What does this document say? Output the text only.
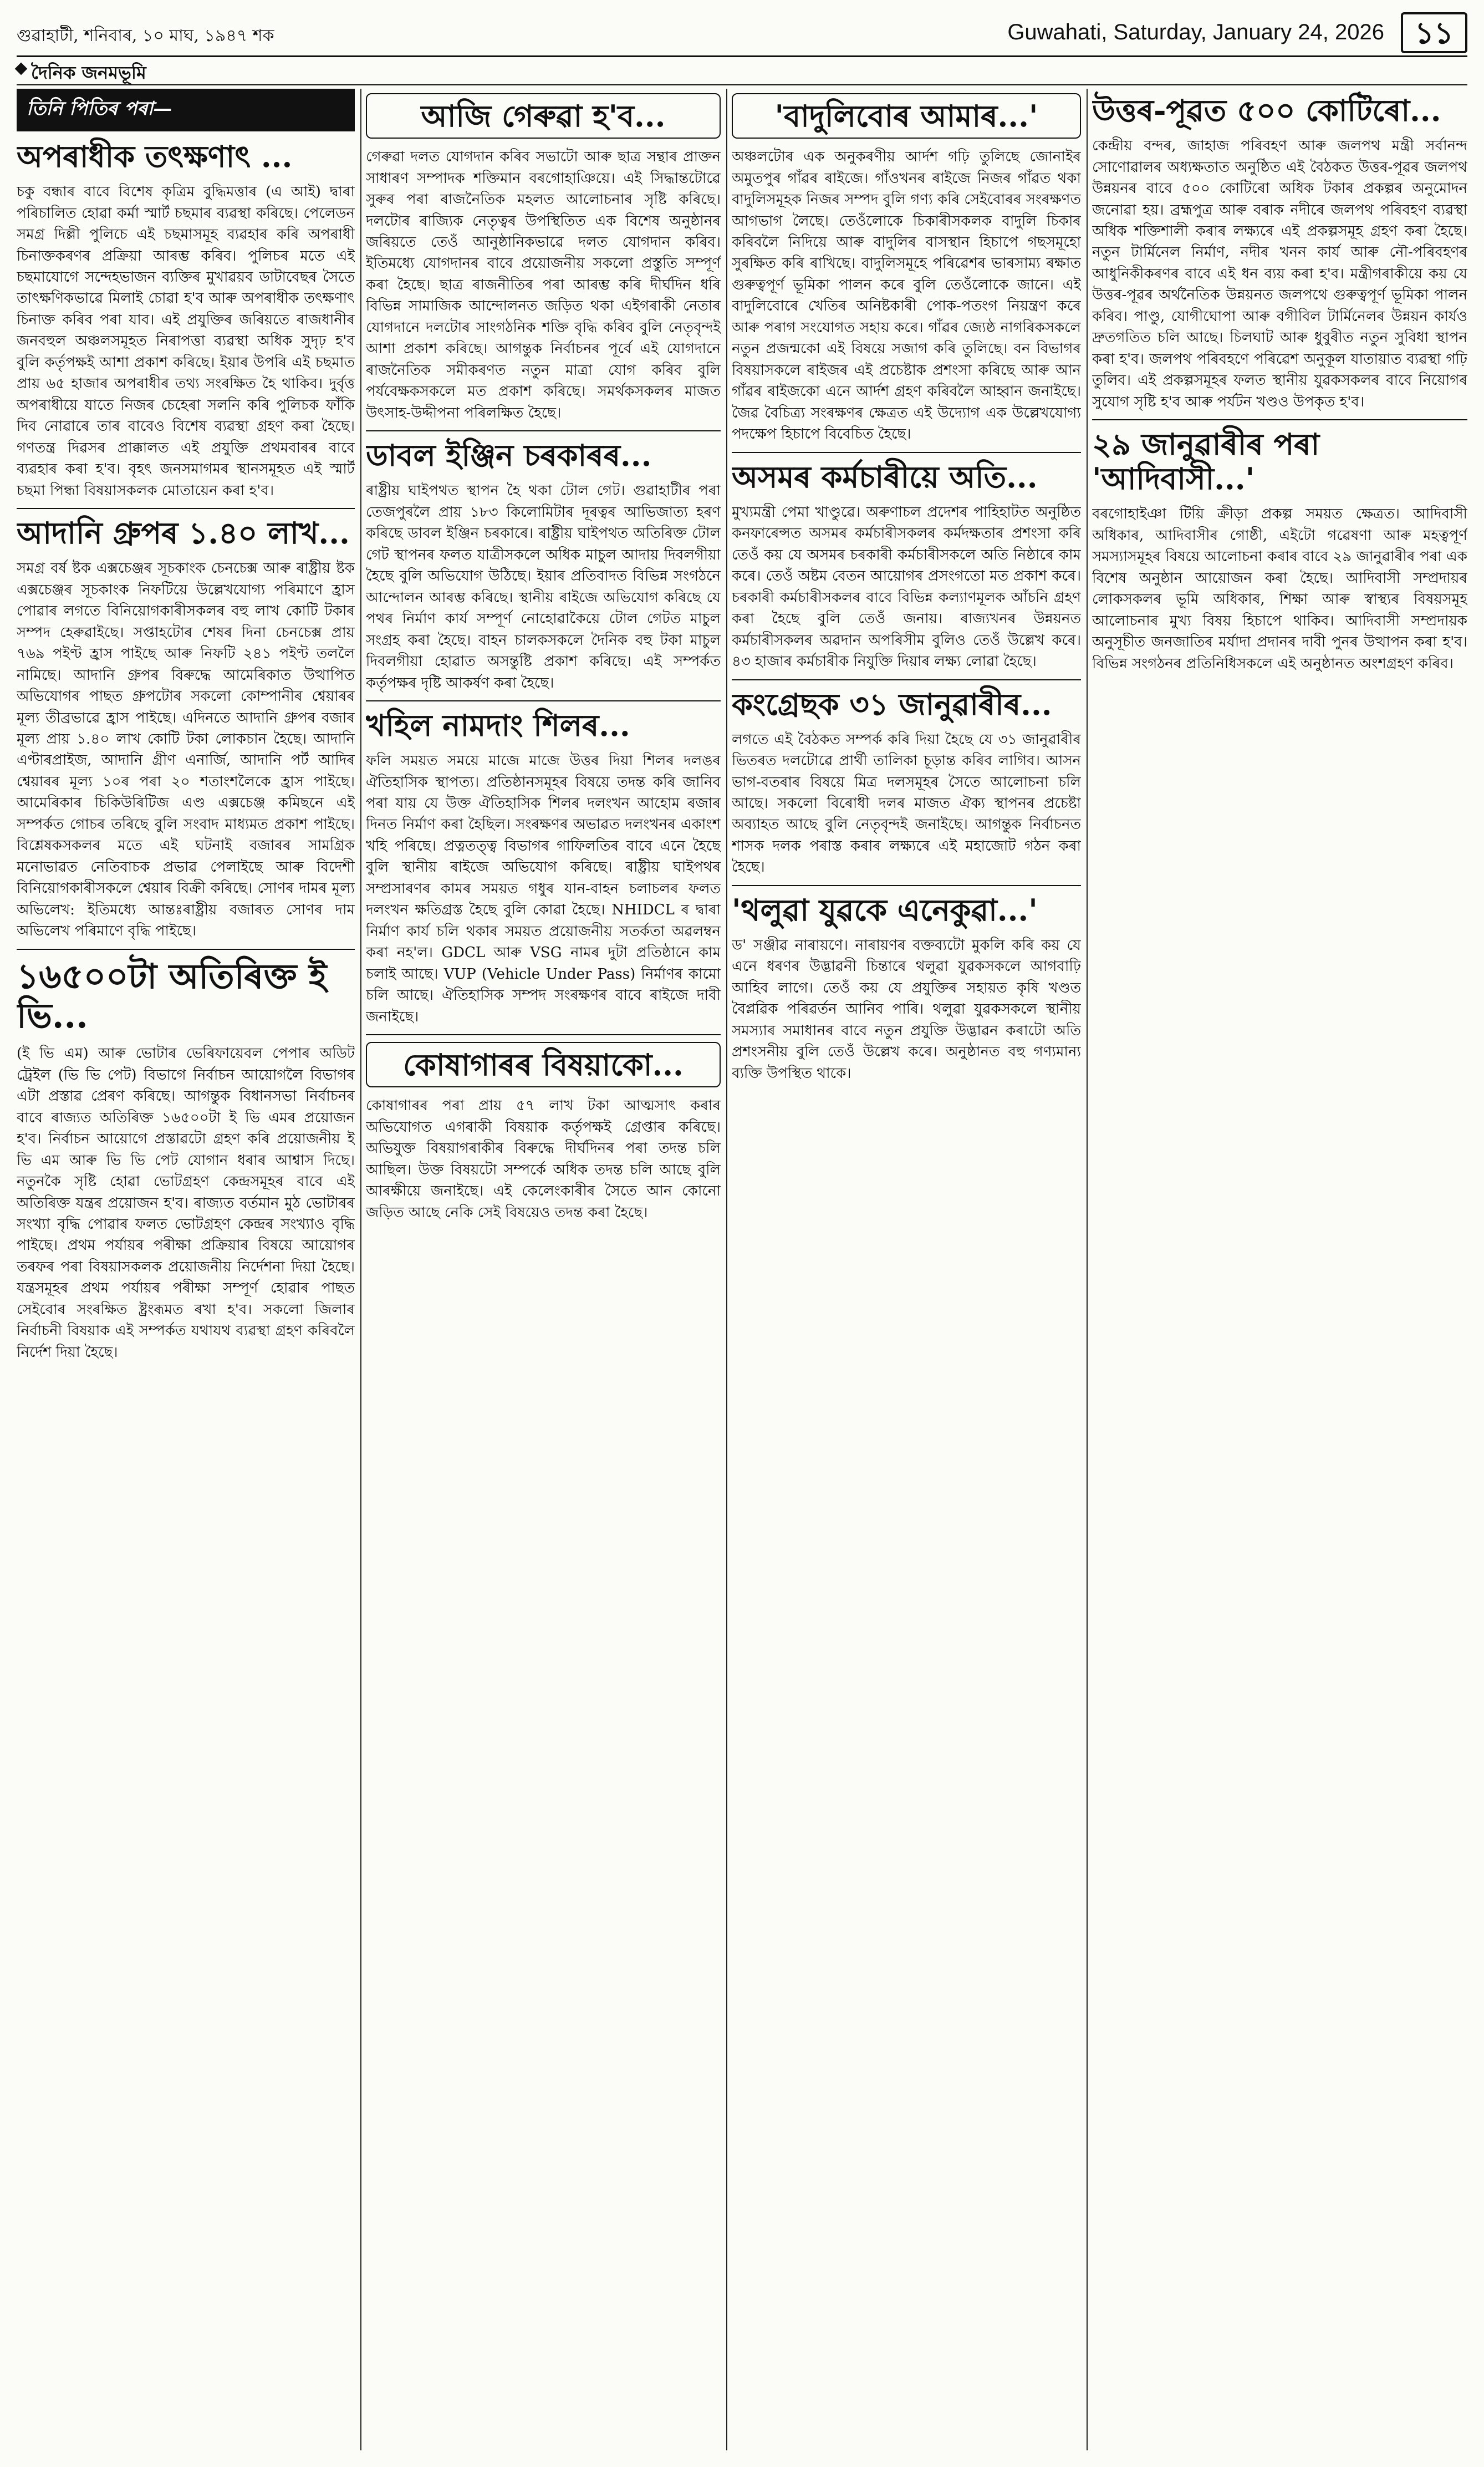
গুৱাহাটী, শনিবাৰ, ১০ মাঘ, ১৯৪৭ শক	Guwahati, Saturday, January 24, 2026	১১
দৈনিক জনমভূমি
তিনি পিতিৰ পৰা—
অপৰাধীক তৎক্ষণাৎ ...
চকু বন্ধাৰ বাবে বিশেষ কৃত্ৰিম বুদ্ধিমত্তাৰ (এ আই) দ্বাৰা পৰিচালিত হোৱা কৰ্মা স্মাৰ্ট চছমাৰ ব্যৱস্থা কৰিছে। পেলেডন সমগ্ৰ দিল্লী পুলিচে এই চছমাসমূহ ব্যৱহাৰ কৰি অপৰাধী চিনাক্তকৰণৰ প্ৰক্ৰিয়া আৰম্ভ কৰিব। পুলিচৰ মতে এই চছমাযোগে সন্দেহভাজন ব্যক্তিৰ মুখাৱয়ব ডাটাবেছৰ সৈতে তাৎক্ষণিকভাৱে মিলাই চোৱা হ'ব আৰু অপৰাধীক তৎক্ষণাৎ চিনাক্ত কৰিব পৰা যাব। এই প্ৰযুক্তিৰ জৰিয়তে ৰাজধানীৰ জনবহুল অঞ্চলসমূহত নিৰাপত্তা ব্যৱস্থা অধিক সুদৃঢ় হ'ব বুলি কৰ্তৃপক্ষই আশা প্ৰকাশ কৰিছে। ইয়াৰ উপৰি এই চছমাত প্ৰায় ৬৫ হাজাৰ অপৰাধীৰ তথ্য সংৰক্ষিত হৈ থাকিব। দুৰ্বৃত্ত অপৰাধীয়ে যাতে নিজৰ চেহেৰা সলনি কৰি পুলিচক ফাঁকি দিব নোৱাৰে তাৰ বাবেও বিশেষ ব্যৱস্থা গ্ৰহণ কৰা হৈছে। গণতন্ত্ৰ দিৱসৰ প্ৰাক্কালত এই প্ৰযুক্তি প্ৰথমবাৰৰ বাবে ব্যৱহাৰ কৰা হ'ব। বৃহৎ জনসমাগমৰ স্থানসমূহত এই স্মাৰ্ট চছমা পিন্ধা বিষয়াসকলক মোতায়েন কৰা হ'ব।
আদানি গ্ৰুপৰ ১.৪০ লাখ...
সমগ্ৰ বৰ্ষ ষ্টক এক্সচেঞ্জৰ সূচকাংক চেনচেক্স আৰু ৰাষ্ট্ৰীয় ষ্টক এক্সচেঞ্জৰ সূচকাংক নিফটিয়ে উল্লেখযোগ্য পৰিমাণে হ্ৰাস পোৱাৰ লগতে বিনিয়োগকাৰীসকলৰ বহু লাখ কোটি টকাৰ সম্পদ হেৰুৱাইছে। সপ্তাহটোৰ শেষৰ দিনা চেনচেক্স প্ৰায় ৭৬৯ পইণ্ট হ্ৰাস পাইছে আৰু নিফটি ২৪১ পইণ্ট তললৈ নামিছে। আদানি গ্ৰুপৰ বিৰুদ্ধে আমেৰিকাত উত্থাপিত অভিযোগৰ পাছত গ্ৰুপটোৰ সকলো কোম্পানীৰ শ্বেয়াৰৰ মূল্য তীব্ৰভাৱে হ্ৰাস পাইছে। এদিনতে আদানি গ্ৰুপৰ বজাৰ মূল্য প্ৰায় ১.৪০ লাখ কোটি টকা লোকচান হৈছে। আদানি এণ্টাৰপ্ৰাইজ, আদানি গ্ৰীণ এনাৰ্জি, আদানি পৰ্ট আদিৰ শ্বেয়াৰৰ মূল্য ১০ৰ পৰা ২০ শতাংশলৈকে হ্ৰাস পাইছে। আমেৰিকাৰ চিকিউৰিটিজ এণ্ড এক্সচেঞ্জ কমিছনে এই সম্পৰ্কত গোচৰ তৰিছে বুলি সংবাদ মাধ্যমত প্ৰকাশ পাইছে। বিশ্লেষকসকলৰ মতে এই ঘটনাই বজাৰৰ সামগ্ৰিক মনোভাৱত নেতিবাচক প্ৰভাৱ পেলাইছে আৰু বিদেশী বিনিয়োগকাৰীসকলে শ্বেয়াৰ বিক্ৰী কৰিছে। সোণৰ দামৰ মূল্য অভিলেখ: ইতিমধ্যে আন্তঃৰাষ্ট্ৰীয় বজাৰত সোণৰ দাম অভিলেখ পৰিমাণে বৃদ্ধি পাইছে।
১৬৫০০টা অতিৰিক্ত ই ভি...
(ই ভি এম) আৰু ভোটাৰ ভেৰিফায়েবল পেপাৰ অডিট ট্ৰেইল (ভি ভি পেট) বিভাগে নিৰ্বাচন আয়োগলৈ বিভাগৰ এটা প্ৰস্তাৱ প্ৰেৰণ কৰিছে। আগন্তুক বিধানসভা নিৰ্বাচনৰ বাবে ৰাজ্যত অতিৰিক্ত ১৬৫০০টা ই ভি এমৰ প্ৰয়োজন হ'ব। নিৰ্বাচন আয়োগে প্ৰস্তাৱটো গ্ৰহণ কৰি প্ৰয়োজনীয় ই ভি এম আৰু ভি ভি পেট যোগান ধৰাৰ আশ্বাস দিছে। নতুনকৈ সৃষ্টি হোৱা ভোটগ্ৰহণ কেন্দ্ৰসমূহৰ বাবে এই অতিৰিক্ত যন্ত্ৰৰ প্ৰয়োজন হ'ব। ৰাজ্যত বৰ্তমান মুঠ ভোটাৰৰ সংখ্যা বৃদ্ধি পোৱাৰ ফলত ভোটগ্ৰহণ কেন্দ্ৰৰ সংখ্যাও বৃদ্ধি পাইছে। প্ৰথম পৰ্যায়ৰ পৰীক্ষা প্ৰক্ৰিয়াৰ বিষয়ে আয়োগৰ তৰফৰ পৰা বিষয়াসকলক প্ৰয়োজনীয় নিৰ্দেশনা দিয়া হৈছে। যন্ত্ৰসমূহৰ প্ৰথম পৰ্যায়ৰ পৰীক্ষা সম্পূৰ্ণ হোৱাৰ পাছত সেইবোৰ সংৰক্ষিত ষ্ট্ৰংৰূমত ৰখা হ'ব। সকলো জিলাৰ নিৰ্বাচনী বিষয়াক এই সম্পৰ্কত যথাযথ ব্যৱস্থা গ্ৰহণ কৰিবলৈ নিৰ্দেশ দিয়া হৈছে।
আজি গেৰুৱা হ'ব...
গেৰুৱা দলত যোগদান কৰিব সভাটো আৰু ছাত্ৰ সন্থাৰ প্ৰাক্তন সাধাৰণ সম্পাদক শক্তিমান বৰগোহাঞিয়ে। এই সিদ্ধান্তটোৱে সুৰুৰ পৰা ৰাজনৈতিক মহলত আলোচনাৰ সৃষ্টি কৰিছে। দলটোৰ ৰাজ্যিক নেতৃত্বৰ উপস্থিতিত এক বিশেষ অনুষ্ঠানৰ জৰিয়তে তেওঁ আনুষ্ঠানিকভাৱে দলত যোগদান কৰিব। ইতিমধ্যে যোগদানৰ বাবে প্ৰয়োজনীয় সকলো প্ৰস্তুতি সম্পূৰ্ণ কৰা হৈছে। ছাত্ৰ ৰাজনীতিৰ পৰা আৰম্ভ কৰি দীৰ্ঘদিন ধৰি বিভিন্ন সামাজিক আন্দোলনত জড়িত থকা এইগৰাকী নেতাৰ যোগদানে দলটোৰ সাংগঠনিক শক্তি বৃদ্ধি কৰিব বুলি নেতৃবৃন্দই আশা প্ৰকাশ কৰিছে। আগন্তুক নিৰ্বাচনৰ পূৰ্বে এই যোগদানে ৰাজনৈতিক সমীকৰণত নতুন মাত্ৰা যোগ কৰিব বুলি পৰ্যবেক্ষকসকলে মত প্ৰকাশ কৰিছে। সমৰ্থকসকলৰ মাজত উৎসাহ-উদ্দীপনা পৰিলক্ষিত হৈছে।
ডাবল ইঞ্জিন চৰকাৰৰ...
ৰাষ্ট্ৰীয় ঘাইপথত স্থাপন হৈ থকা টোল গেট। গুৱাহাটীৰ পৰা তেজপুৰলৈ প্ৰায় ১৮৩ কিলোমিটাৰ দূৰত্বৰ আভিজাত্য হৰণ কৰিছে ডাবল ইঞ্জিন চৰকাৰে। ৰাষ্ট্ৰীয় ঘাইপথত অতিৰিক্ত টোল গেট স্থাপনৰ ফলত যাত্ৰীসকলে অধিক মাচুল আদায় দিবলগীয়া হৈছে বুলি অভিযোগ উঠিছে। ইয়াৰ প্ৰতিবাদত বিভিন্ন সংগঠনে আন্দোলন আৰম্ভ কৰিছে। স্থানীয় ৰাইজে অভিযোগ কৰিছে যে পথৰ নিৰ্মাণ কাৰ্য সম্পূৰ্ণ নোহোৱাকৈয়ে টোল গেটত মাচুল সংগ্ৰহ কৰা হৈছে। বাহন চালকসকলে দৈনিক বহু টকা মাচুল দিবলগীয়া হোৱাত অসন্তুষ্টি প্ৰকাশ কৰিছে। এই সম্পৰ্কত কৰ্তৃপক্ষৰ দৃষ্টি আকৰ্ষণ কৰা হৈছে।
খহিল নামদাং শিলৰ...
ফলি সময়ত সময়ে মাজে মাজে উত্তৰ দিয়া শিলৰ দলঙৰ ঐতিহাসিক স্থাপত্য। প্ৰতিষ্ঠানসমূহৰ বিষয়ে তদন্ত কৰি জানিব পৰা যায় যে উক্ত ঐতিহাসিক শিলৰ দলংখন আহোম ৰজাৰ দিনত নিৰ্মাণ কৰা হৈছিল। সংৰক্ষণৰ অভাৱত দলংখনৰ একাংশ খহি পৰিছে। প্ৰত্নতত্ত্ব বিভাগৰ গাফিলতিৰ বাবে এনে হৈছে বুলি স্থানীয় ৰাইজে অভিযোগ কৰিছে। ৰাষ্ট্ৰীয় ঘাইপথৰ সম্প্ৰসাৰণৰ কামৰ সময়ত গধুৰ যান-বাহন চলাচলৰ ফলত দলংখন ক্ষতিগ্ৰস্ত হৈছে বুলি কোৱা হৈছে। NHIDCL ৰ দ্বাৰা নিৰ্মাণ কাৰ্য চলি থকাৰ সময়ত প্ৰয়োজনীয় সতৰ্কতা অৱলম্বন কৰা নহ'ল। GDCL আৰু VSG নামৰ দুটা প্ৰতিষ্ঠানে কাম চলাই আছে। VUP (Vehicle Under Pass) নিৰ্মাণৰ কামো চলি আছে। ঐতিহাসিক সম্পদ সংৰক্ষণৰ বাবে ৰাইজে দাবী জনাইছে।
কোষাগাৰৰ বিষয়াকো...
কোষাগাৰৰ পৰা প্ৰায় ৫৭ লাখ টকা আত্মসাৎ কৰাৰ অভিযোগত এগৰাকী বিষয়াক কৰ্তৃপক্ষই গ্ৰেপ্তাৰ কৰিছে। অভিযুক্ত বিষয়াগৰাকীৰ বিৰুদ্ধে দীৰ্ঘদিনৰ পৰা তদন্ত চলি আছিল। উক্ত বিষয়টো সম্পৰ্কে অধিক তদন্ত চলি আছে বুলি আৰক্ষীয়ে জনাইছে। এই কেলেংকাৰীৰ সৈতে আন কোনো জড়িত আছে নেকি সেই বিষয়েও তদন্ত কৰা হৈছে।
'বাদুলিবোৰ আমাৰ...'
অঞ্চলটোৰ এক অনুকৰণীয় আৰ্দশ গঢ়ি তুলিছে জোনাইৰ অমুতপুৰ গাঁৱৰ ৰাইজে। গাঁওখনৰ ৰাইজে নিজৰ গাঁৱত থকা বাদুলিসমূহক নিজৰ সম্পদ বুলি গণ্য কৰি সেইবোৰৰ সংৰক্ষণত আগভাগ লৈছে। তেওঁলোকে চিকাৰীসকলক বাদুলি চিকাৰ কৰিবলৈ নিদিয়ে আৰু বাদুলিৰ বাসস্থান হিচাপে গছসমূহো সুৰক্ষিত কৰি ৰাখিছে। বাদুলিসমূহে পৰিৱেশৰ ভাৰসাম্য ৰক্ষাত গুৰুত্বপূৰ্ণ ভূমিকা পালন কৰে বুলি তেওঁলোকে জানে। এই বাদুলিবোৰে খেতিৰ অনিষ্টকাৰী পোক-পতংগ নিয়ন্ত্ৰণ কৰে আৰু পৰাগ সংযোগত সহায় কৰে। গাঁৱৰ জ্যেষ্ঠ নাগৰিকসকলে নতুন প্ৰজন্মকো এই বিষয়ে সজাগ কৰি তুলিছে। বন বিভাগৰ বিষয়াসকলে ৰাইজৰ এই প্ৰচেষ্টাক প্ৰশংসা কৰিছে আৰু আন গাঁৱৰ ৰাইজকো এনে আৰ্দশ গ্ৰহণ কৰিবলৈ আহ্বান জনাইছে। জৈৱ বৈচিত্ৰ্য সংৰক্ষণৰ ক্ষেত্ৰত এই উদ্যোগ এক উল্লেখযোগ্য পদক্ষেপ হিচাপে বিবেচিত হৈছে।
অসমৰ কৰ্মচাৰীয়ে অতি...
মুখ্যমন্ত্ৰী পেমা খাণ্ডুৱে। অৰুণাচল প্ৰদেশৰ পাহিহাটত অনুষ্ঠিত কনফাৰেন্সত অসমৰ কৰ্মচাৰীসকলৰ কৰ্মদক্ষতাৰ প্ৰশংসা কৰি তেওঁ কয় যে অসমৰ চৰকাৰী কৰ্মচাৰীসকলে অতি নিষ্ঠাৰে কাম কৰে। তেওঁ অষ্টম বেতন আয়োগৰ প্ৰসংগতো মত প্ৰকাশ কৰে। চৰকাৰী কৰ্মচাৰীসকলৰ বাবে বিভিন্ন কল্যাণমূলক আঁচনি গ্ৰহণ কৰা হৈছে বুলি তেওঁ জনায়। ৰাজ্যখনৰ উন্নয়নত কৰ্মচাৰীসকলৰ অৱদান অপৰিসীম বুলিও তেওঁ উল্লেখ কৰে। ৪৩ হাজাৰ কৰ্মচাৰীক নিযুক্তি দিয়াৰ লক্ষ্য লোৱা হৈছে।
কংগ্ৰেছক ৩১ জানুৱাৰীৰ...
লগতে এই বৈঠকত সম্পৰ্ক কৰি দিয়া হৈছে যে ৩১ জানুৱাৰীৰ ভিতৰত দলটোৱে প্ৰাৰ্থী তালিকা চূড়ান্ত কৰিব লাগিব। আসন ভাগ-বতৰাৰ বিষয়ে মিত্ৰ দলসমূহৰ সৈতে আলোচনা চলি আছে। সকলো বিৰোধী দলৰ মাজত ঐক্য স্থাপনৰ প্ৰচেষ্টা অব্যাহত আছে বুলি নেতৃবৃন্দই জনাইছে। আগন্তুক নিৰ্বাচনত শাসক দলক পৰাস্ত কৰাৰ লক্ষ্যৰে এই মহাজোট গঠন কৰা হৈছে।
'থলুৱা যুৱকে এনেকুৱা...'
ড' সঞ্জীৱ নাৰায়ণে। নাৰায়ণৰ বক্তব্যটো মুকলি কৰি কয় যে এনে ধৰণৰ উদ্ভাৱনী চিন্তাৰে থলুৱা যুৱকসকলে আগবাঢ়ি আহিব লাগে। তেওঁ কয় যে প্ৰযুক্তিৰ সহায়ত কৃষি খণ্ডত বৈপ্লৱিক পৰিৱৰ্তন আনিব পাৰি। থলুৱা যুৱকসকলে স্থানীয় সমস্যাৰ সমাধানৰ বাবে নতুন প্ৰযুক্তি উদ্ভাৱন কৰাটো অতি প্ৰশংসনীয় বুলি তেওঁ উল্লেখ কৰে। অনুষ্ঠানত বহু গণ্যমান্য ব্যক্তি উপস্থিত থাকে।
উত্তৰ-পূৱত ৫০০ কোটিৰো...
কেন্দ্ৰীয় বন্দৰ, জাহাজ পৰিবহণ আৰু জলপথ মন্ত্ৰী সৰ্বানন্দ সোণোৱালৰ অধ্যক্ষতাত অনুষ্ঠিত এই বৈঠকত উত্তৰ-পূৱৰ জলপথ উন্নয়নৰ বাবে ৫০০ কোটিৰো অধিক টকাৰ প্ৰকল্পৰ অনুমোদন জনোৱা হয়। ব্ৰহ্মপুত্ৰ আৰু বৰাক নদীৰে জলপথ পৰিবহণ ব্যৱস্থা অধিক শক্তিশালী কৰাৰ লক্ষ্যৰে এই প্ৰকল্পসমূহ গ্ৰহণ কৰা হৈছে। নতুন টাৰ্মিনেল নিৰ্মাণ, নদীৰ খনন কাৰ্য আৰু নৌ-পৰিবহণৰ আধুনিকীকৰণৰ বাবে এই ধন ব্যয় কৰা হ'ব। মন্ত্ৰীগৰাকীয়ে কয় যে উত্তৰ-পূৱৰ অৰ্থনৈতিক উন্নয়নত জলপথে গুৰুত্বপূৰ্ণ ভূমিকা পালন কৰিব। পাণ্ডু, যোগীঘোপা আৰু বগীবিল টাৰ্মিনেলৰ উন্নয়ন কাৰ্যও দ্ৰুতগতিত চলি আছে। চিলঘাট আৰু ধুবুৰীত নতুন সুবিধা স্থাপন কৰা হ'ব। জলপথ পৰিবহণে পৰিৱেশ অনুকূল যাতায়াত ব্যৱস্থা গঢ়ি তুলিব। এই প্ৰকল্পসমূহৰ ফলত স্থানীয় যুৱকসকলৰ বাবে নিয়োগৰ সুযোগ সৃষ্টি হ'ব আৰু পৰ্যটন খণ্ডও উপকৃত হ'ব।
২৯ জানুৱাৰীৰ পৰা 'আদিবাসী...'
বৰগোহাইঞা টিয়ি ক্ৰীড়া প্ৰকল্প সময়ত ক্ষেত্ৰত। আদিবাসী অধিকাৰ, আদিবাসীৰ গোষ্ঠী, এইটো গৱেষণা আৰু মহত্বপূৰ্ণ সমস্যাসমূহৰ বিষয়ে আলোচনা কৰাৰ বাবে ২৯ জানুৱাৰীৰ পৰা এক বিশেষ অনুষ্ঠান আয়োজন কৰা হৈছে। আদিবাসী সম্প্ৰদায়ৰ লোকসকলৰ ভূমি অধিকাৰ, শিক্ষা আৰু স্বাস্থ্যৰ বিষয়সমূহ আলোচনাৰ মুখ্য বিষয় হিচাপে থাকিব। আদিবাসী সম্প্ৰদায়ক অনুসূচীত জনজাতিৰ মৰ্যাদা প্ৰদানৰ দাবী পুনৰ উত্থাপন কৰা হ'ব। বিভিন্ন সংগঠনৰ প্ৰতিনিধিসকলে এই অনুষ্ঠানত অংশগ্ৰহণ কৰিব।
